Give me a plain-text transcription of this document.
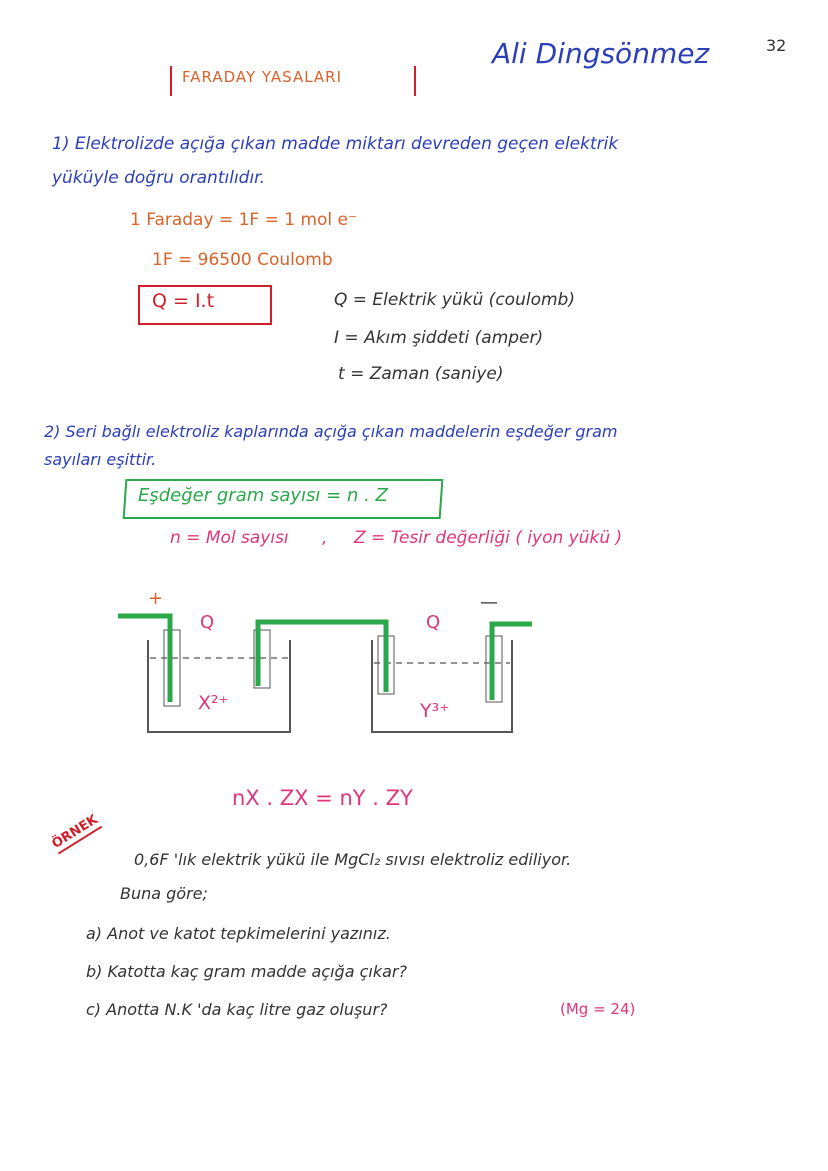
Ali Dingsönmez	32
FARADAY YASALARI
1) Elektrolizde açığa çıkan madde miktarı devreden geçen elektrik
yüküyle doğru orantılıdır.
1 Faraday = 1F = 1 mol e⁻
1F = 96500 Coulomb
Q = I.t	Q = Elektrik yükü (coulomb)
I = Akım şiddeti (amper)
t = Zaman (saniye)
2) Seri bağlı elektroliz kaplarında açığa çıkan maddelerin eşdeğer gram
sayıları eşittir.
Eşdeğer gram sayısı = n . Z
n = Mol sayısı , Z = Tesir değerliği ( iyon yükü )
+	—
Q	Q
X²⁺	Y³⁺
nX . ZX = nY . ZY
ÖRNEK
0,6F 'lık elektrik yükü ile MgCl₂ sıvısı elektroliz ediliyor.
Buna göre;
a) Anot ve katot tepkimelerini yazınız.
b) Katotta kaç gram madde açığa çıkar?
c) Anotta N.K 'da kaç litre gaz oluşur?	(Mg = 24)
